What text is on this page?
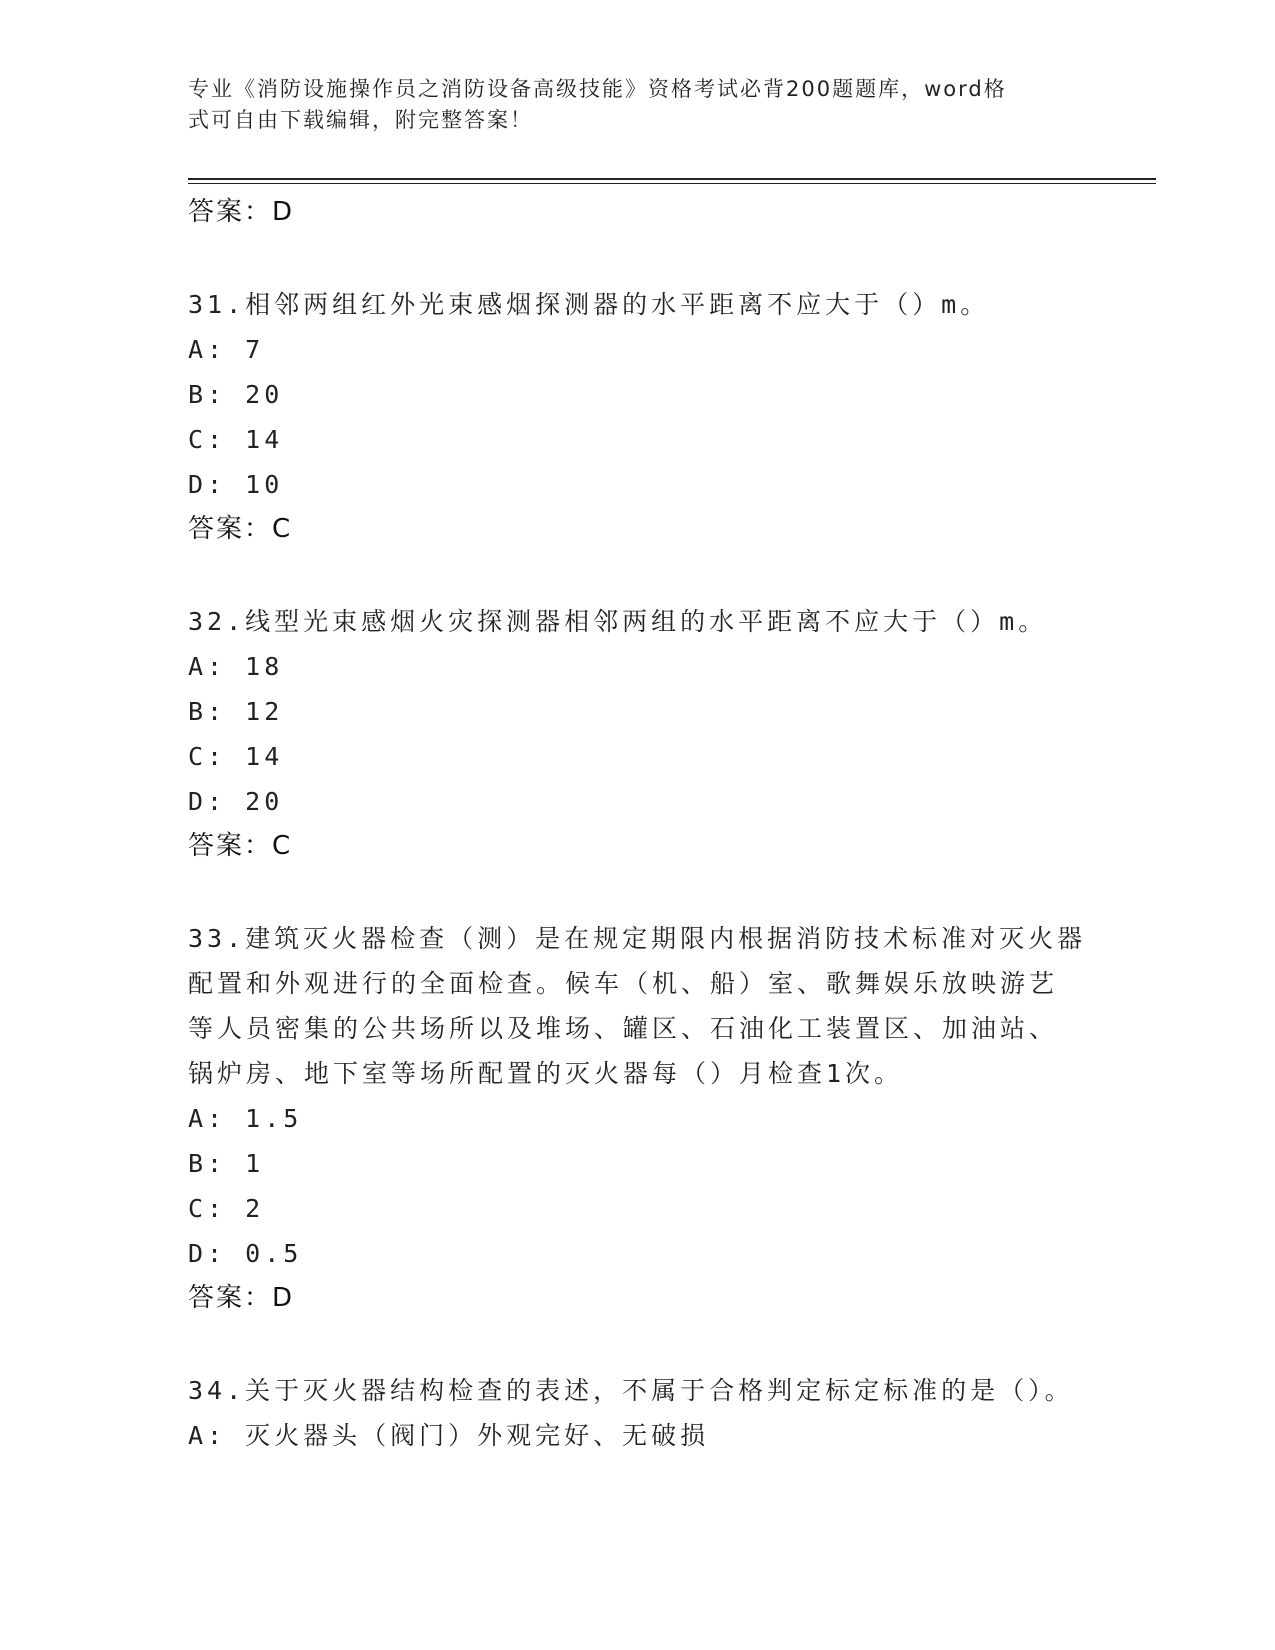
专业《消防设施操作员之消防设备高级技能》资格考试必背200题题库，word格
式可自由下载编辑，附完整答案！
答案：D
31.相邻两组红外光束感烟探测器的水平距离不应大于（）m。
A: 7
B: 20
C: 14
D: 10
答案：C
32.线型光束感烟火灾探测器相邻两组的水平距离不应大于（）m。
A: 18
B: 12
C: 14
D: 20
答案：C
33.建筑灭火器检查（测）是在规定期限内根据消防技术标准对灭火器
配置和外观进行的全面检查。候车（机、船）室、歌舞娱乐放映游艺
等人员密集的公共场所以及堆场、罐区、石油化工装置区、加油站、
锅炉房、地下室等场所配置的灭火器每（）月检查1次。
A: 1.5
B: 1
C: 2
D: 0.5
答案：D
34.关于灭火器结构检查的表述，不属于合格判定标定标准的是（）。
A: 灭火器头（阀门）外观完好、无破损
